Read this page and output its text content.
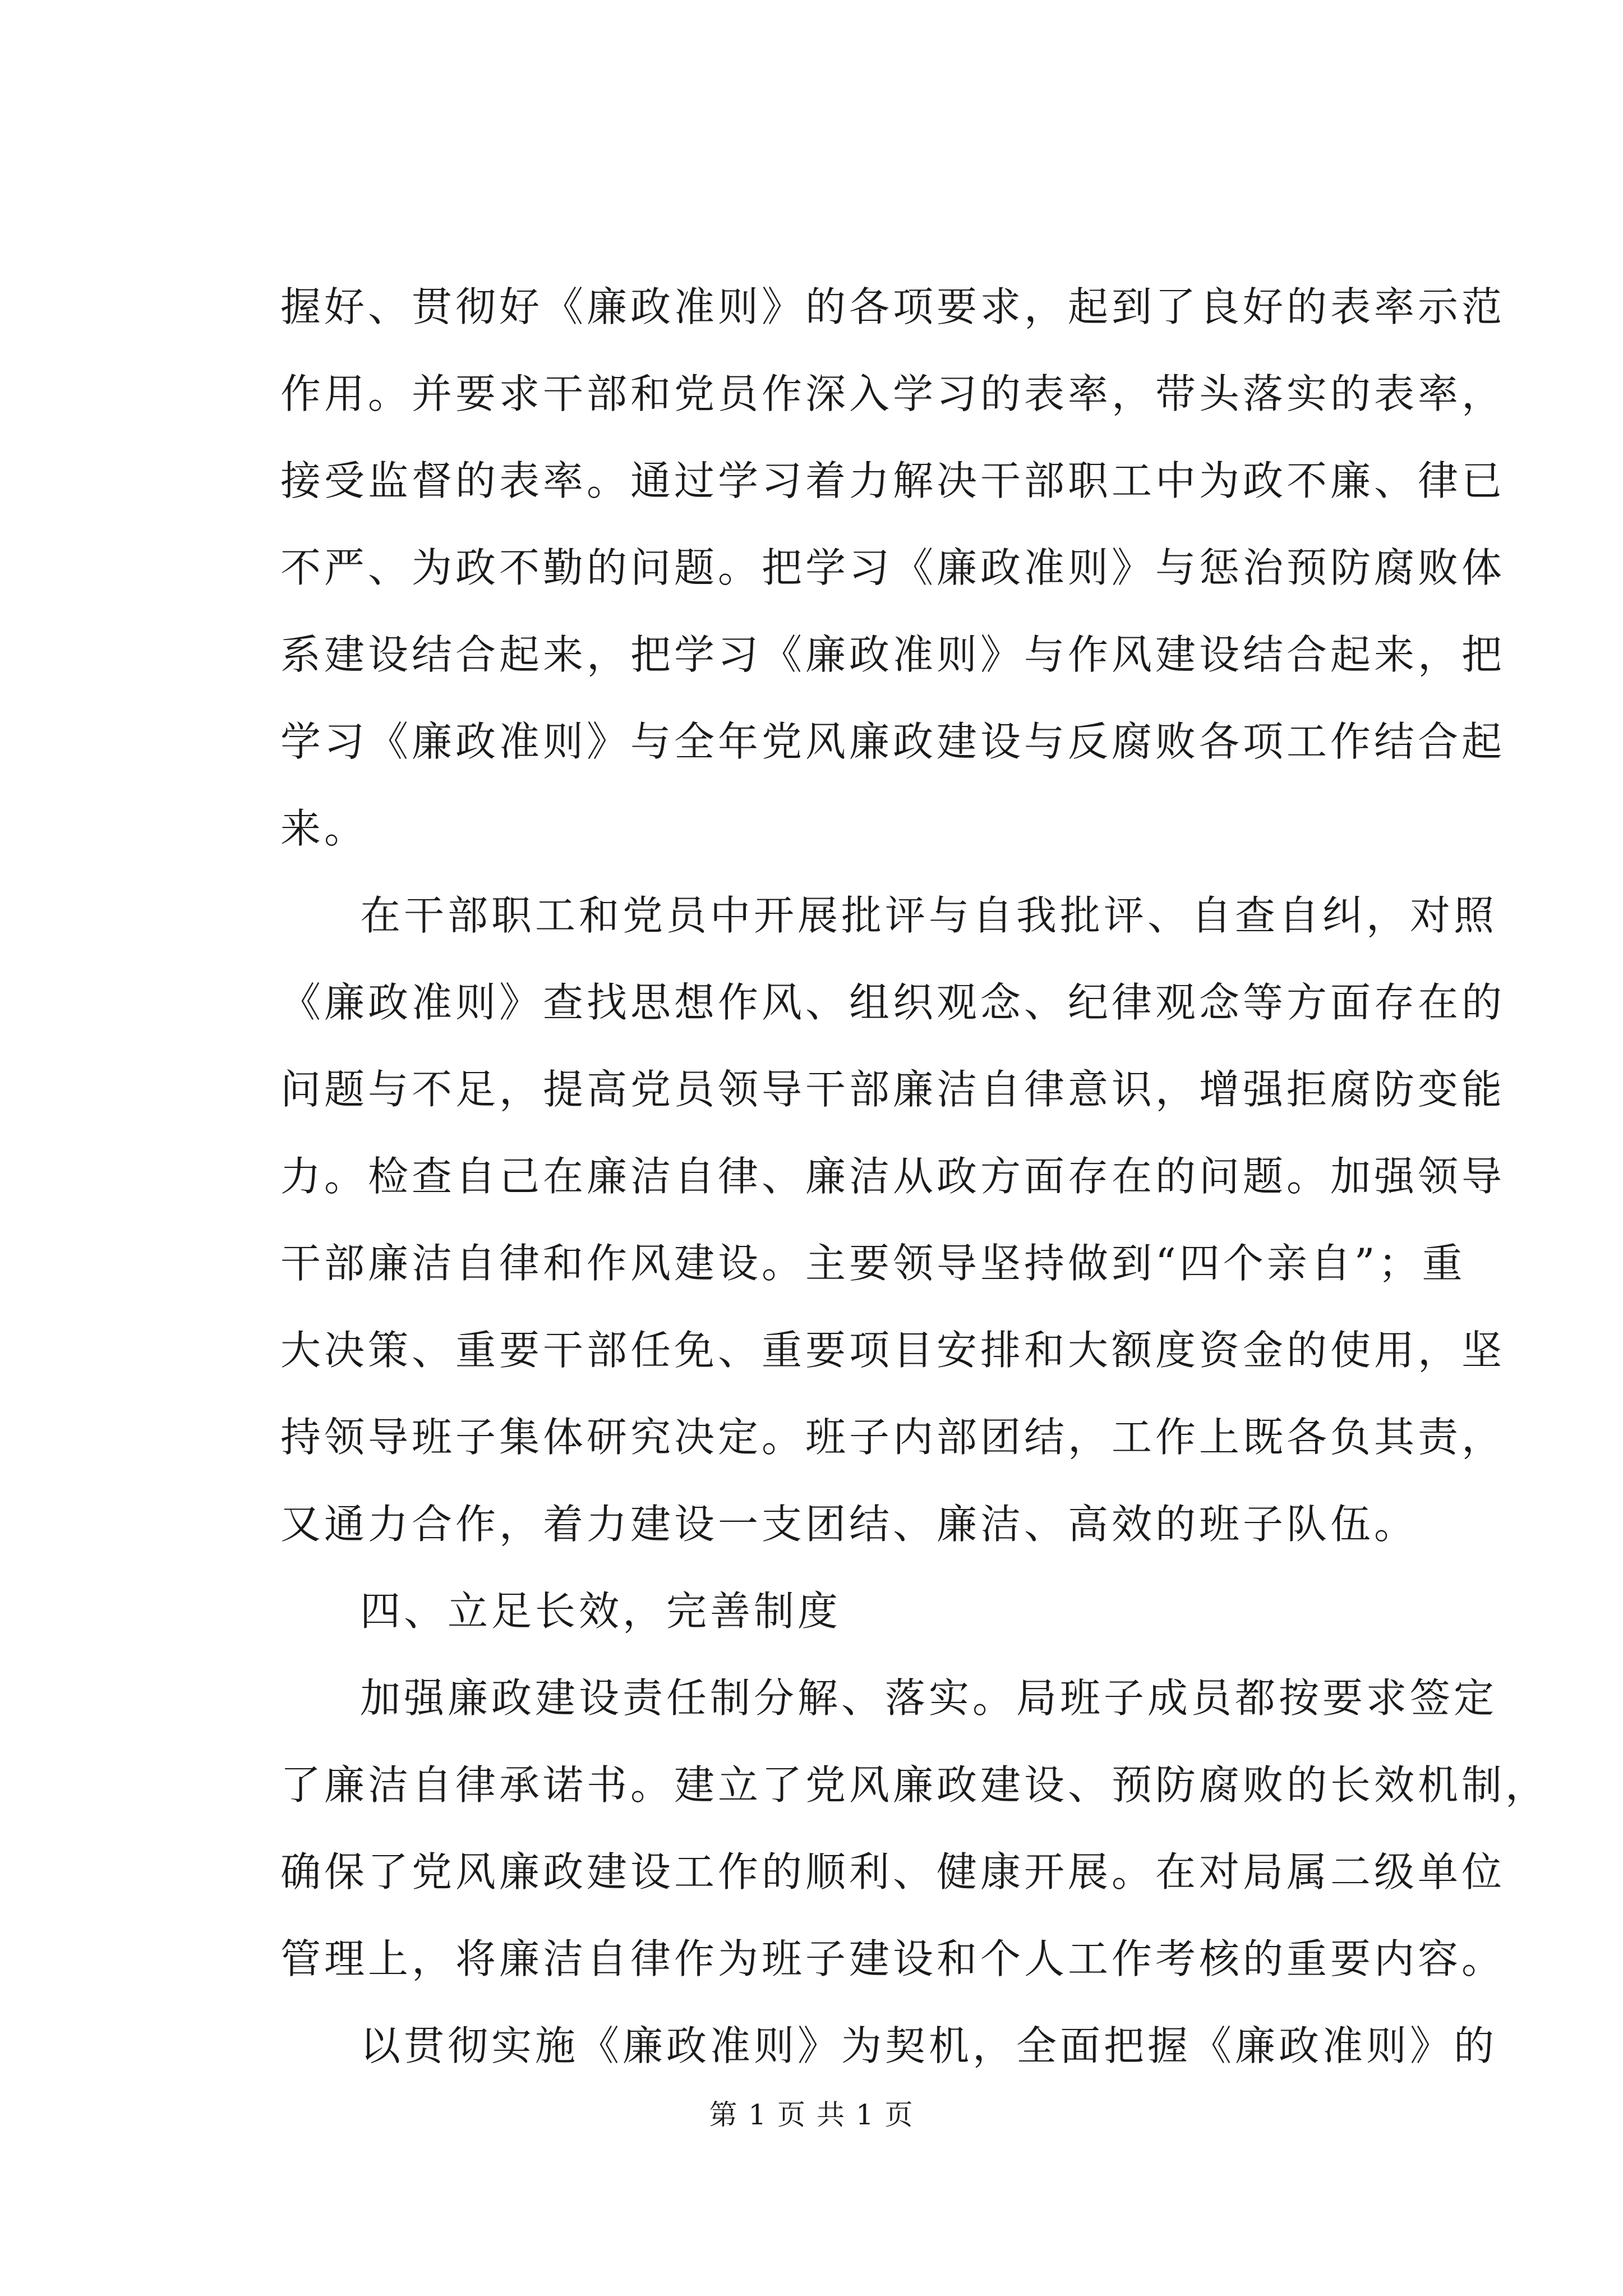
握好、贯彻好《廉政准则》的各项要求，起到了良好的表率示范
作用。并要求干部和党员作深入学习的表率，带头落实的表率，
接受监督的表率。通过学习着力解决干部职工中为政不廉、律已
不严、为政不勤的问题。把学习《廉政准则》与惩治预防腐败体
系建设结合起来，把学习《廉政准则》与作风建设结合起来，把
学习《廉政准则》与全年党风廉政建设与反腐败各项工作结合起
来。
在干部职工和党员中开展批评与自我批评、自查自纠，对照
《廉政准则》查找思想作风、组织观念、纪律观念等方面存在的
问题与不足，提高党员领导干部廉洁自律意识，增强拒腐防变能
力。检查自己在廉洁自律、廉洁从政方面存在的问题。加强领导
干部廉洁自律和作风建设。主要领导坚持做到“四个亲自”；重
大决策、重要干部任免、重要项目安排和大额度资金的使用，坚
持领导班子集体研究决定。班子内部团结，工作上既各负其责，
又通力合作，着力建设一支团结、廉洁、高效的班子队伍。
四、立足长效，完善制度
加强廉政建设责任制分解、落实。局班子成员都按要求签定
了廉洁自律承诺书。建立了党风廉政建设、预防腐败的长效机制，
确保了党风廉政建设工作的顺利、健康开展。在对局属二级单位
管理上，将廉洁自律作为班子建设和个人工作考核的重要内容。
以贯彻实施《廉政准则》为契机，全面把握《廉政准则》的
第 1 页 共 1 页
